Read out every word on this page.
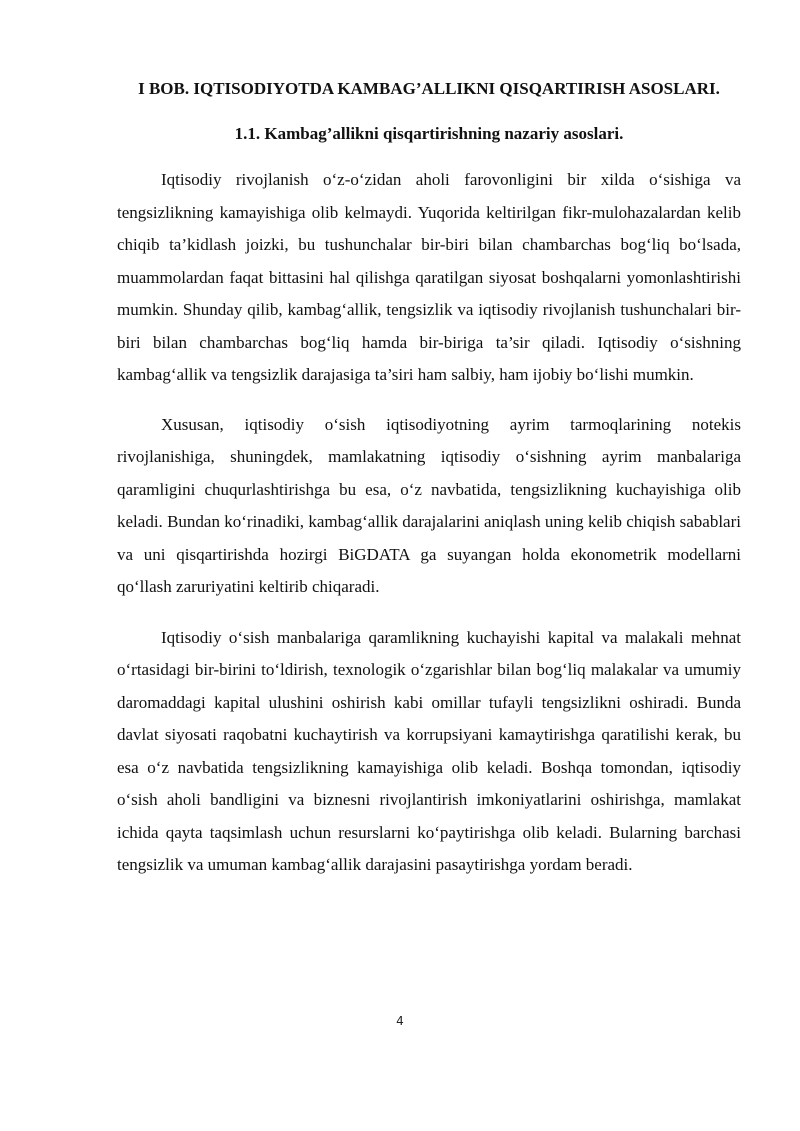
I BOB. IQTISODIYOTDA KAMBAG’ALLIKNI QISQARTIRISH ASOSLARI.
1.1. Kambag’allikni qisqartirishning nazariy asoslari.

Iqtisodiy rivojlanish o‘z-o‘zidan aholi farovonligini bir xilda o‘sishiga va tengsizlikning kamayishiga olib kelmaydi. Yuqorida keltirilgan fikr-mulohazalardan kelib chiqib ta’kidlash joizki, bu tushunchalar bir-biri bilan chambarchas bog‘liq bo‘lsada, muammolardan faqat bittasini hal qilishga qaratilgan siyosat boshqalarni yomonlashtirishi mumkin. Shunday qilib, kambag‘allik, tengsizlik va iqtisodiy rivojlanish tushunchalari bir-biri bilan chambarchas bog‘liq hamda bir-biriga ta’sir qiladi. Iqtisodiy o‘sishning kambag‘allik va tengsizlik darajasiga ta’siri ham salbiy, ham ijobiy bo‘lishi mumkin.

Xususan, iqtisodiy o‘sish iqtisodiyotning ayrim tarmoqlarining notekis rivojlanishiga, shuningdek, mamlakatning iqtisodiy o‘sishning ayrim manbalariga qaramligini chuqurlashtirishga bu esa, o‘z navbatida, tengsizlikning kuchayishiga olib keladi. Bundan ko‘rinadiki, kambag‘allik darajalarini aniqlash uning kelib chiqish sabablari va uni qisqartirishda hozirgi BiGDATA ga suyangan holda ekonometrik modellarni qo‘llash zaruriyatini keltirib chiqaradi.

Iqtisodiy o‘sish manbalariga qaramlikning kuchayishi kapital va malakali mehnat o‘rtasidagi bir-birini to‘ldirish, texnologik o‘zgarishlar bilan bog‘liq malakalar va umumiy daromaddagi kapital ulushini oshirish kabi omillar tufayli tengsizlikni oshiradi. Bunda davlat siyosati raqobatni kuchaytirish va korrupsiyani kamaytirishga qaratilishi kerak, bu esa o‘z navbatida tengsizlikning kamayishiga olib keladi. Boshqa tomondan, iqtisodiy o‘sish aholi bandligini va biznesni rivojlantirish imkoniyatlarini oshirishga, mamlakat ichida qayta taqsimlash uchun resurslarni ko‘paytirishga olib keladi. Bularning barchasi tengsizlik va umuman kambag‘allik darajasini pasaytirishga yordam beradi.

4
